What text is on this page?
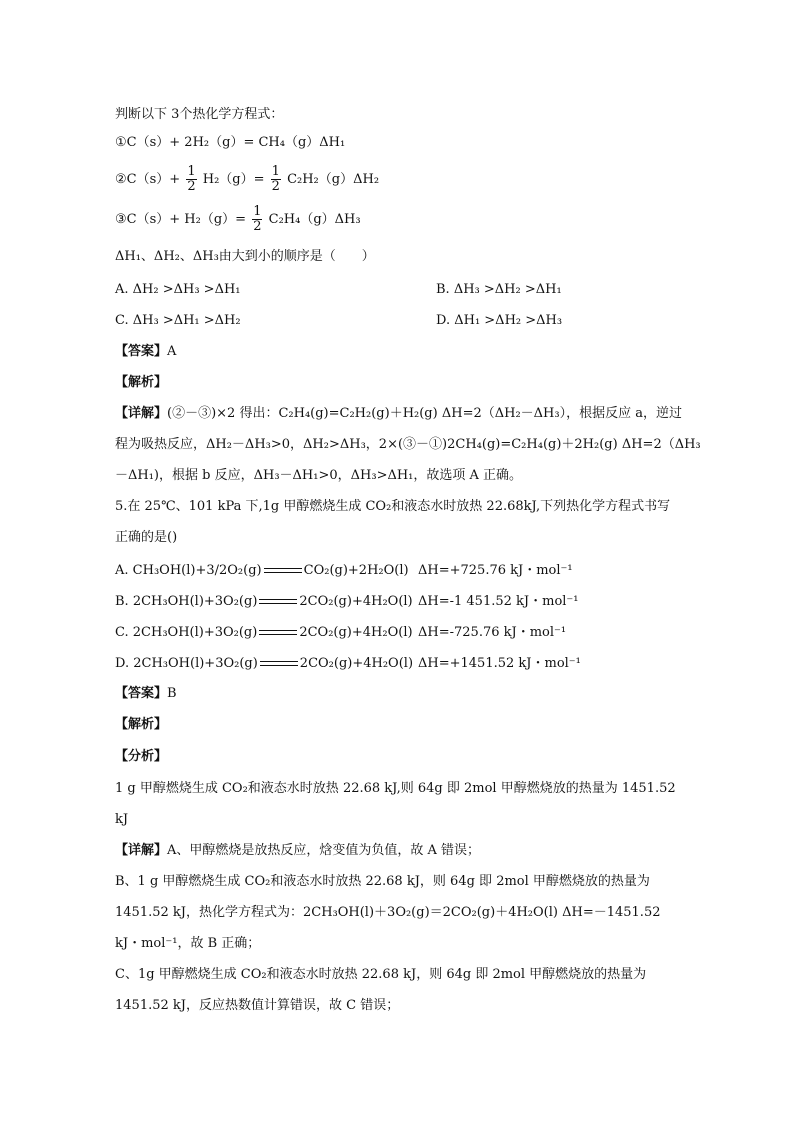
判断以下 3个热化学方程式：
①C（s）+ 2H₂（g）= CH₄（g）ΔH₁
②C（s）+ $\frac{1}{2} H_2(g)= \frac{1}{2} C_2H_2(g)\Delta H_2$
③C（s）+ $H_2(g)= \frac{1}{2} C_2H_4(g)\Delta H_3$
ΔH₁、ΔH₂、ΔH₃由大到小的顺序是（　　）
A. ΔH₂ >ΔH₃ >ΔH₁	B. ΔH₃ >ΔH₂ >ΔH₁
C. ΔH₃ >ΔH₁ >ΔH₂	D. ΔH₁ >ΔH₂ >ΔH₃
【答案】A
【解析】
【详解】(②－③)×2 得出：C₂H₄(g)=C₂H₂(g)＋H₂(g) ΔH=2（ΔH₂－ΔH₃），根据反应 a，逆过
程为吸热反应，ΔH₂－ΔH₃>0，ΔH₂>ΔH₃，2×(③－①)2CH₄(g)=C₂H₄(g)＋2H₂(g) ΔH=2（ΔH₃
－ΔH₁)，根据 b 反应，ΔH₃－ΔH₁>0，ΔH₃>ΔH₁，故选项 A 正确。
5.在 25℃、101 kPa 下,1g 甲醇燃烧生成 CO₂和液态水时放热 22.68kJ,下列热化学方程式书写
正确的是()
A. CH₃OH(l)+3/2O₂(g)	CO₂(g)+2H₂O(l) ΔH=+725.76 kJ・mol⁻¹
B. 2CH₃OH(l)+3O₂(g)	2CO₂(g)+4H₂O(l) ΔH=-1 451.52 kJ・mol⁻¹
C. 2CH₃OH(l)+3O₂(g)	2CO₂(g)+4H₂O(l) ΔH=-725.76 kJ・mol⁻¹
D. 2CH₃OH(l)+3O₂(g)	2CO₂(g)+4H₂O(l) ΔH=+1451.52 kJ・mol⁻¹
【答案】B
【解析】
【分析】
1 g 甲醇燃烧生成 CO₂和液态水时放热 22.68 kJ,则 64g 即 2mol 甲醇燃烧放的热量为 1451.52
kJ
【详解】A、甲醇燃烧是放热反应，焓变值为负值，故 A 错误；
B、1 g 甲醇燃烧生成 CO₂和液态水时放热 22.68 kJ，则 64g 即 2mol 甲醇燃烧放的热量为
1451.52 kJ，热化学方程式为：2CH₃OH(l)＋3O₂(g)＝2CO₂(g)＋4H₂O(l) ΔH=－1451.52
kJ・mol⁻¹，故 B 正确；
C、1g 甲醇燃烧生成 CO₂和液态水时放热 22.68 kJ，则 64g 即 2mol 甲醇燃烧放的热量为
1451.52 kJ，反应热数值计算错误，故 C 错误；
